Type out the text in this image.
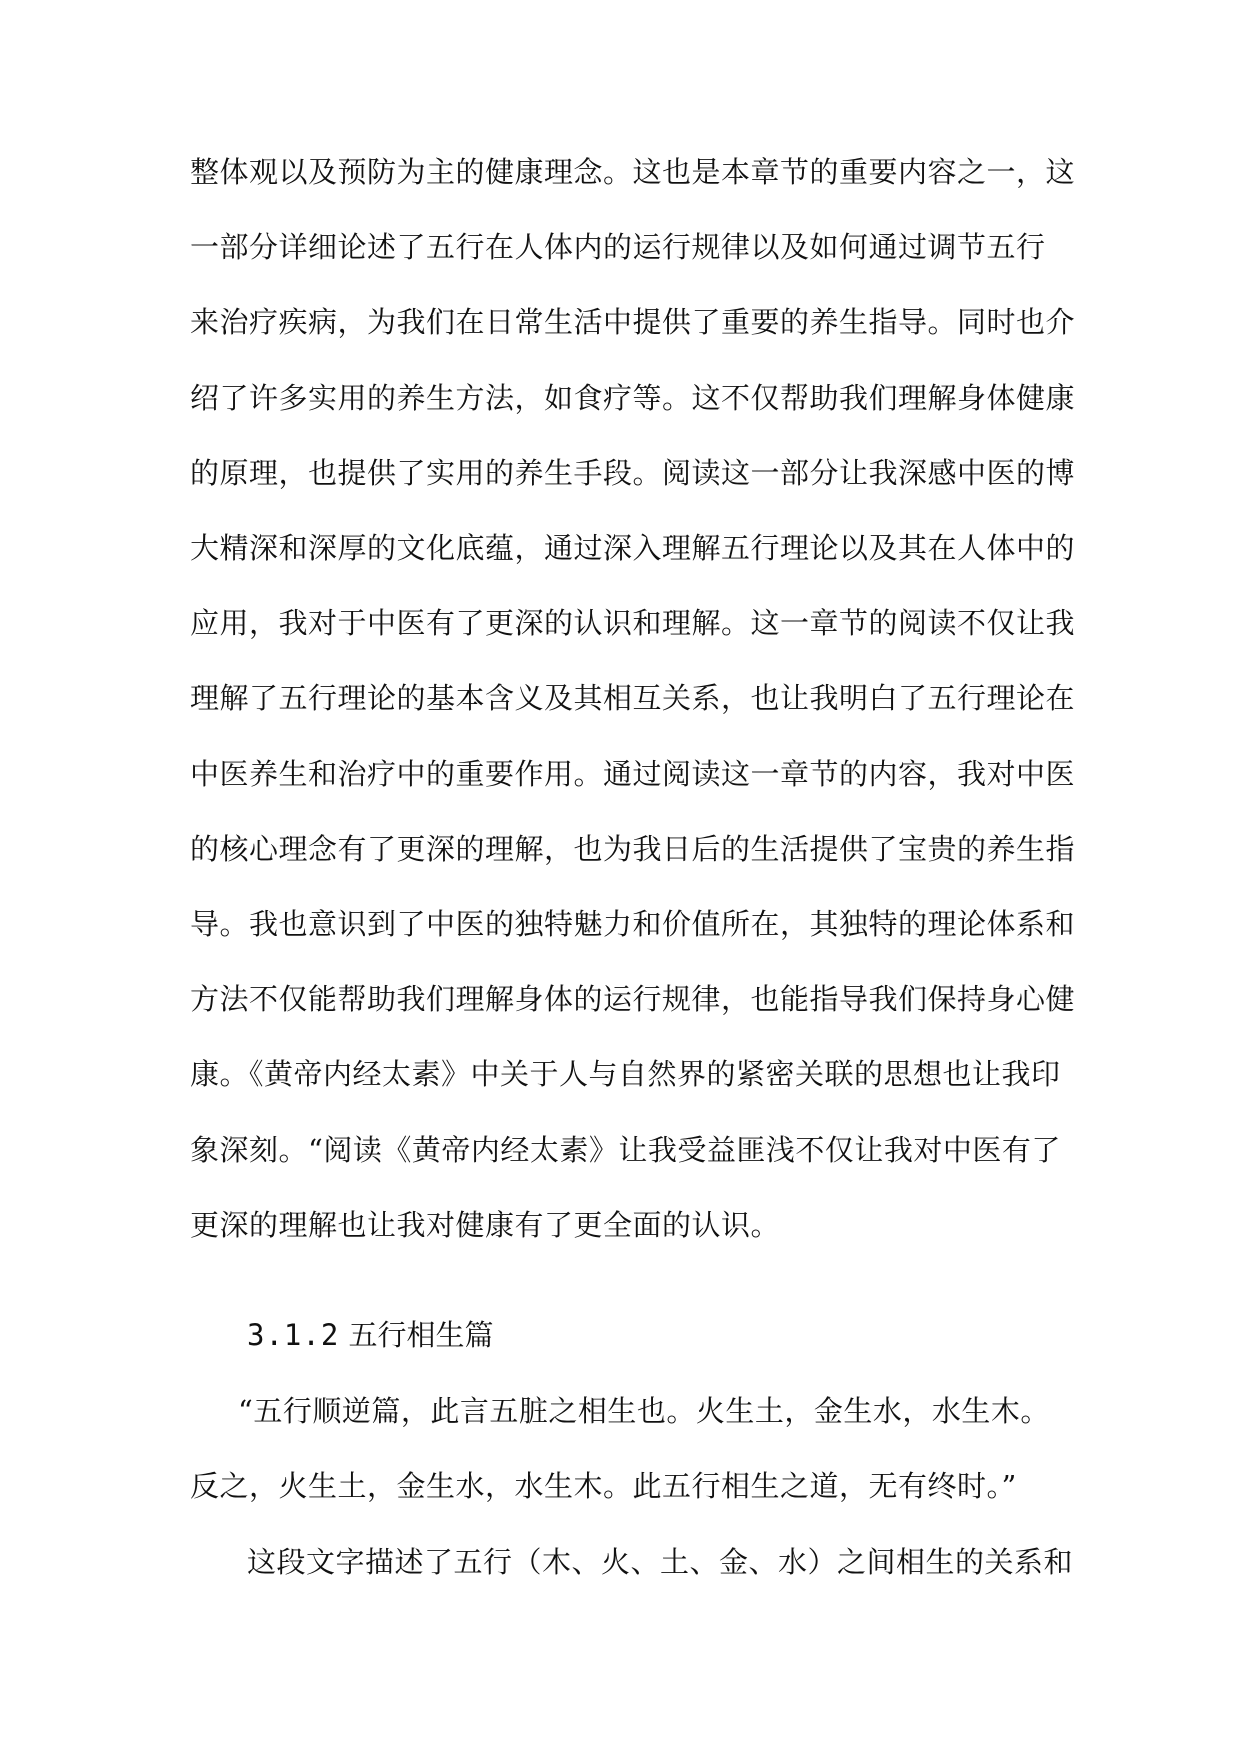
整体观以及预防为主的健康理念。这也是本章节的重要内容之一，这
一部分详细论述了五行在人体内的运行规律以及如何通过调节五行
来治疗疾病，为我们在日常生活中提供了重要的养生指导。同时也介
绍了许多实用的养生方法，如食疗等。这不仅帮助我们理解身体健康
的原理，也提供了实用的养生手段。阅读这一部分让我深感中医的博
大精深和深厚的文化底蕴，通过深入理解五行理论以及其在人体中的
应用，我对于中医有了更深的认识和理解。这一章节的阅读不仅让我
理解了五行理论的基本含义及其相互关系，也让我明白了五行理论在
中医养生和治疗中的重要作用。通过阅读这一章节的内容，我对中医
的核心理念有了更深的理解，也为我日后的生活提供了宝贵的养生指
导。我也意识到了中医的独特魅力和价值所在，其独特的理论体系和
方法不仅能帮助我们理解身体的运行规律，也能指导我们保持身心健
康。《黄帝内经太素》中关于人与自然界的紧密关联的思想也让我印
象深刻。“阅读《黄帝内经太素》让我受益匪浅不仅让我对中医有了
更深的理解也让我对健康有了更全面的认识。
3.1.2 五行相生篇
“五行顺逆篇，此言五脏之相生也。火生土，金生水，水生木。
反之，火生土，金生水，水生木。此五行相生之道，无有终时。”
这段文字描述了五行（木、火、土、金、水）之间相生的关系和
